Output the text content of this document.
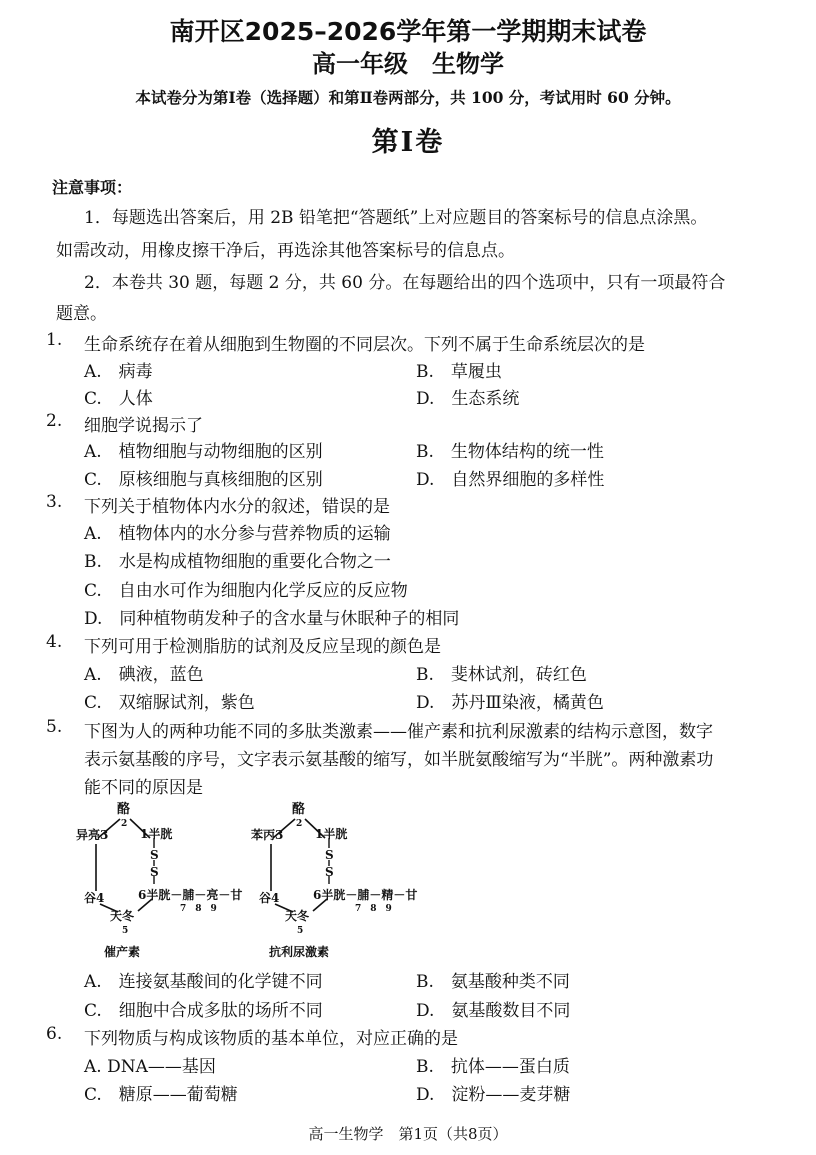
南开区2025–2026学年第一学期期末试卷
高一年级　生物学
本试卷分为第Ⅰ卷（选择题）和第Ⅱ卷两部分，共 100 分，考试用时 60 分钟。
第Ⅰ卷
注意事项：
1．每题选出答案后，用 2B 铅笔把“答题纸”上对应题目的答案标号的信息点涂黑。
如需改动，用橡皮擦干净后，再选涂其他答案标号的信息点。
2．本卷共 30 题，每题 2 分，共 60 分。在每题给出的四个选项中，只有一项最符合
题意。
1. 生命系统存在着从细胞到生物圈的不同层次。下列不属于生命系统层次的是
A.　病毒	B.　草履虫
C.　人体	D.　生态系统
2. 细胞学说揭示了
A.　植物细胞与动物细胞的区别	B.　生物体结构的统一性
C.　原核细胞与真核细胞的区别	D.　自然界细胞的多样性
3. 下列关于植物体内水分的叙述，错误的是
A.　植物体内的水分参与营养物质的运输
B.　水是构成植物细胞的重要化合物之一
C.　自由水可作为细胞内化学反应的反应物
D.　同种植物萌发种子的含水量与休眠种子的相同
4. 下列可用于检测脂肪的试剂及反应呈现的颜色是
A.　碘液，蓝色	B.　斐林试剂，砖红色
C.　双缩脲试剂，紫色	D.　苏丹Ⅲ染液，橘黄色
5. 下图为人的两种功能不同的多肽类激素——催产素和抗利尿激素的结构示意图，数字
表示氨基酸的序号，文字表示氨基酸的缩写，如半胱氨酸缩写为“半胱”。两种激素功
能不同的原因是
酪
2
异亮3	1半胱
S
S
谷4	6半胱－脯－亮－甘
7　8　9
天冬
5
催产素
酪
2
苯丙3	1半胱
S
S
谷4	6半胱－脯－精－甘
7　8　9
天冬
5
抗利尿激素
A.　连接氨基酸间的化学键不同	B.　氨基酸种类不同
C.　细胞中合成多肽的场所不同	D.　氨基酸数目不同
6. 下列物质与构成该物质的基本单位，对应正确的是
A. DNA——基因	B.　抗体——蛋白质
C.　糖原——葡萄糖	D.　淀粉——麦芽糖
高一生物学　第1页（共8页）
